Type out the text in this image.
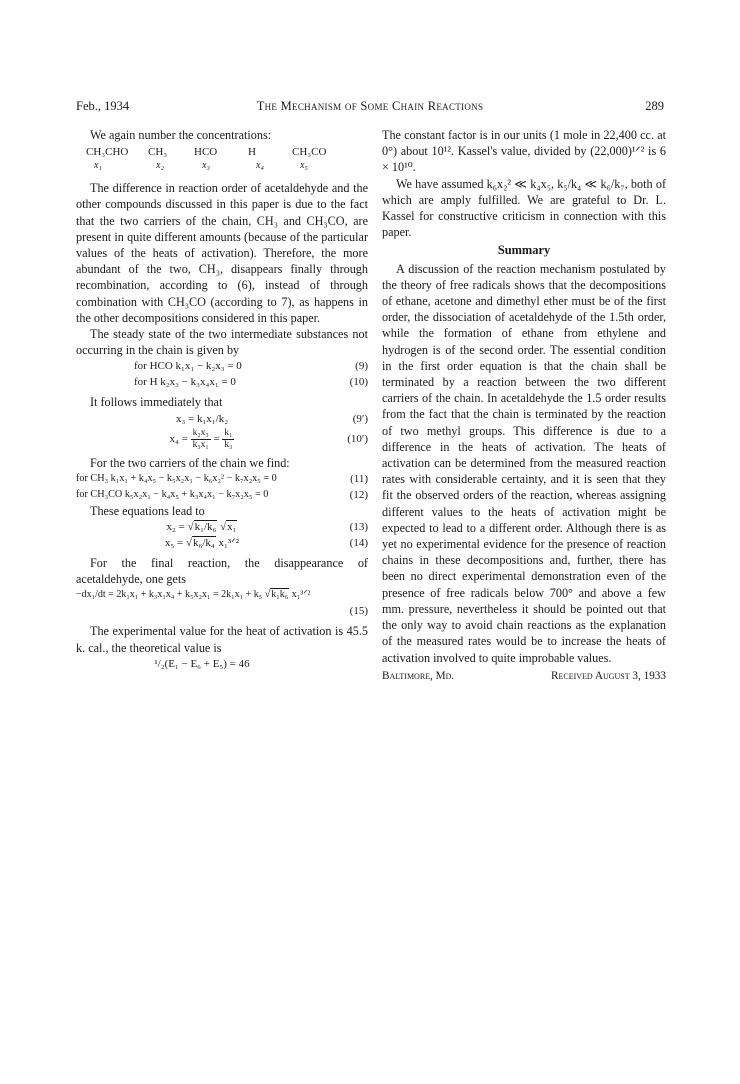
Feb., 1934	The Mechanism of Some Chain Reactions	289

We again number the concentrations:

CH₃CHO	CH₃	HCO	H	CH₃CO
x₁	x₂	x₃	x₄	x₅

The difference in reaction order of acetaldehyde and the other compounds discussed in this paper is due to the fact that the two carriers of the chain, CH₃ and CH₃CO, are present in quite different amounts (because of the particular values of the heats of activation). Therefore, the more abundant of the two, CH₃, disappears finally through recombination, according to (6), instead of through combination with CH₃CO (according to 7), as happens in the other decompositions considered in this paper.

The steady state of the two intermediate substances not occurring in the chain is given by

for HCO k₁x₁ − k₂x₃ = 0	(9)
for H k₂x₃ − k₃x₄x₁ = 0	(10)

It follows immediately that

x₃ = k₁x₁/k₂	(9′)
$x_4 = \frac{\text{k₂x₃}}{\text{k₃x₁}} = \frac{\text{k₁}}{\text{k₃}}$	(10′)

For the two carriers of the chain we find:

for CH₃ k₁x₁ + k₄x₅ − k₅x₂x₁ − k₆x₂² − k₇x₂x₅ = 0	(11)
for CH₃CO k₅x₂x₁ − k₄x₅ + k₃x₄x₁ − k₇x₂x₅ = 0	(12)

These equations lead to

x₂ = √k₁/k₆ √x₁	(13)
x₅ = √k₆/k₄ x₁³ᐟ²	(14)

For the final reaction, the disappearance of acetaldehyde, one gets

−dx₁/dt = 2k₁x₁ + k₃x₁x₄ + k₅x₂x₁ = 2k₁x₁ + k₅ √k₁k₆ x₁³ᐟ²
(15)

The experimental value for the heat of activation is 45.5 k. cal., the theoretical value is

¹/₂(E₁ − E₆ + E₅) = 46

The constant factor is in our units (1 mole in 22,400 cc. at 0°) about 10¹². Kassel's value, divided by (22,000)¹ᐟ² is 6 × 10¹⁰.

We have assumed k₆x₂² ≪ k₄x₅, k₅/k₄ ≪ k₆/k₇, both of which are amply fulfilled. We are grateful to Dr. L. Kassel for constructive criticism in connection with this paper.

Summary

A discussion of the reaction mechanism postulated by the theory of free radicals shows that the decompositions of ethane, acetone and dimethyl ether must be of the first order, the dissociation of acetaldehyde of the 1.5th order, while the formation of ethane from ethylene and hydrogen is of the second order. The essential condition in the first order equation is that the chain shall be terminated by a reaction between the two different carriers of the chain. In acetaldehyde the 1.5 order results from the fact that the chain is terminated by the reaction of two methyl groups. This difference is due to a difference in the heats of activation. The heats of activation can be determined from the measured reaction rates with considerable certainty, and it is seen that they fit the observed orders of the reaction, whereas assigning different values to the heats of activation might be expected to lead to a different order. Although there is as yet no experimental evidence for the presence of reaction chains in these decompositions and, further, there has been no direct experimental demonstration even of the presence of free radicals below 700° and above a few mm. pressure, nevertheless it should be pointed out that the only way to avoid chain reactions as the explanation of the measured rates would be to increase the heats of activation involved to quite improbable values.

Baltimore, Md.	Received August 3, 1933
